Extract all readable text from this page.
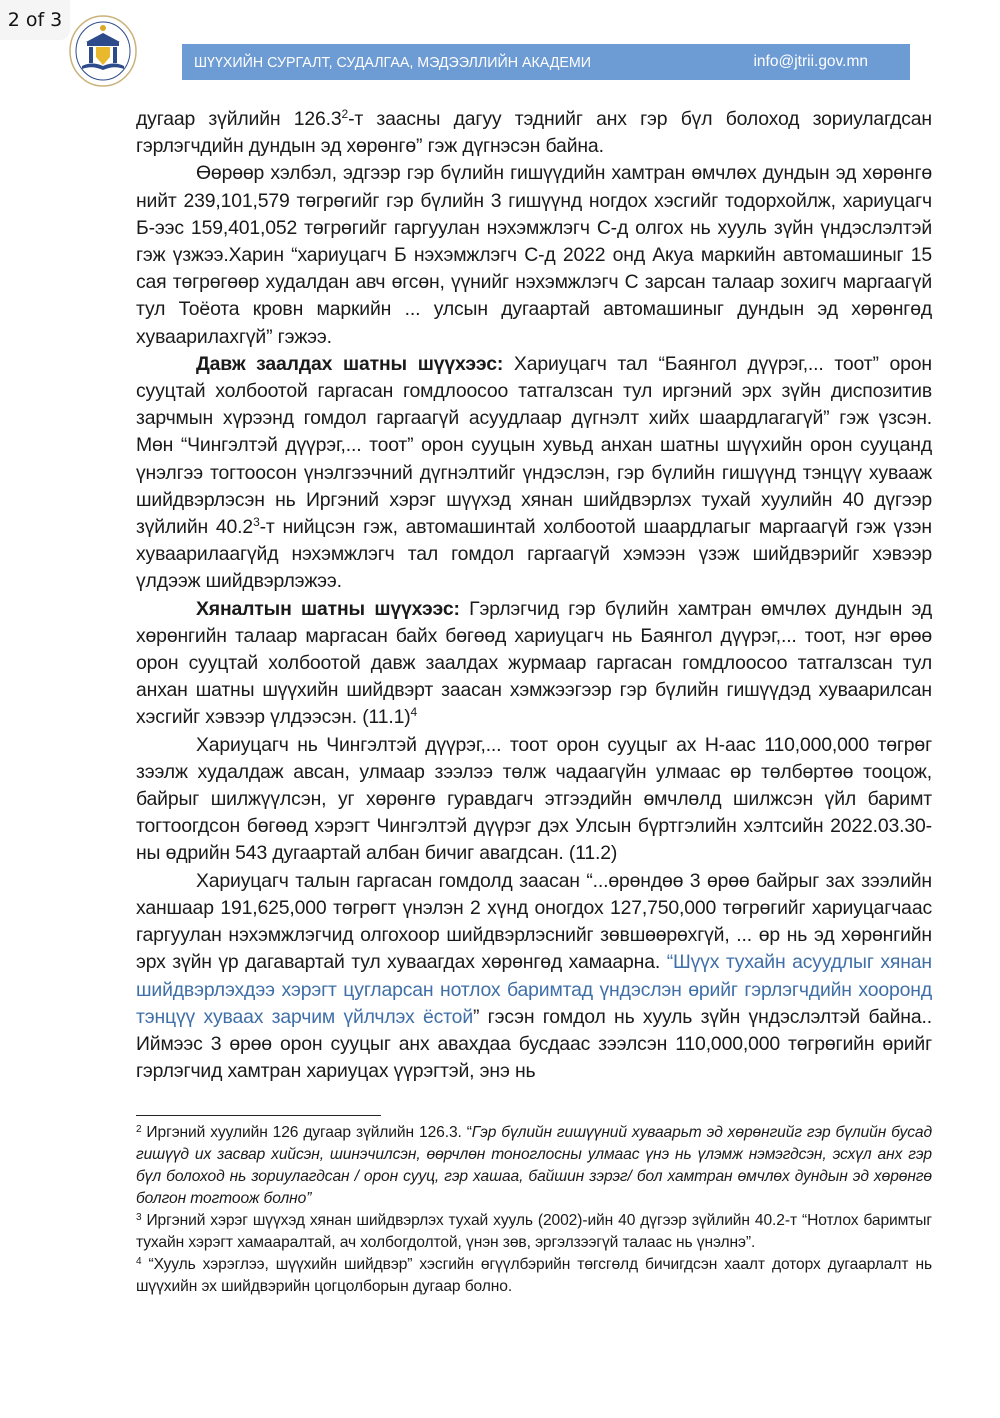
2 of 3
ШҮҮХИЙН СУРГАЛТ, СУДАЛГАА, МЭДЭЭЛЛИЙН АКАДЕМИ	info@jtrii.gov.mn

дугаар зүйлийн 126.3$^2$-т заасны дагуу тэднийг анх гэр бүл болоход зориулагдсан гэрлэгчдийн дундын эд хөрөнгө” гэж дүгнэсэн байна.

Өөрөөр хэлбэл, эдгээр гэр бүлийн гишүүдийн хамтран өмчлөх дундын эд хөрөнгө нийт 239,101,579 төгрөгийг гэр бүлийн 3 гишүүнд ногдох хэсгийг тодорхойлж, хариуцагч Б-ээс 159,401,052 төгрөгийг гаргуулан нэхэмжлэгч С-д олгох нь хууль зүйн үндэслэлтэй гэж үзжээ.Харин “хариуцагч Б нэхэмжлэгч С-д 2022 онд Акуа маркийн автомашиныг 15 сая төгрөгөөр худалдан авч өгсөн, үүнийг нэхэмжлэгч С зарсан талаар зохигч маргаагүй тул Тоёота кровн маркийн ... улсын дугаартай автомашиныг дундын эд хөрөнгөд хуваарилахгүй” гэжээ.

Давж заалдах шатны шүүхээс: Хариуцагч тал “Баянгол дүүрэг,... тоот” орон сууцтай холбоотой гаргасан гомдлоосоо татгалзсан тул иргэний эрх зүйн диспозитив зарчмын хүрээнд гомдол гаргаагүй асуудлаар дүгнэлт хийх шаардлагагүй” гэж үзсэн. Мөн “Чингэлтэй дүүрэг,... тоот” орон сууцын хувьд анхан шатны шүүхийн орон сууцанд үнэлгээ тогтоосон үнэлгээчний дүгнэлтийг үндэслэн, гэр бүлийн гишүүнд тэнцүү хувааж шийдвэрлэсэн нь Иргэний хэрэг шүүхэд хянан шийдвэрлэх тухай хуулийн 40 дүгээр зүйлийн 40.2$^3$-т нийцсэн гэж, автомашинтай холбоотой шаардлагыг маргаагүй гэж үзэн хуваарилаагүйд нэхэмжлэгч тал гомдол гаргаагүй хэмээн үзэж шийдвэрийг хэвээр үлдээж шийдвэрлэжээ.

Хяналтын шатны шүүхээс: Гэрлэгчид гэр бүлийн хамтран өмчлөх дундын эд хөрөнгийн талаар маргасан байх бөгөөд хариуцагч нь Баянгол дүүрэг,... тоот, нэг өрөө орон сууцтай холбоотой давж заалдах журмаар гаргасан гомдлоосоо татгалзсан тул анхан шатны шүүхийн шийдвэрт заасан хэмжээгээр гэр бүлийн гишүүдэд хуваарилсан хэсгийг хэвээр үлдээсэн. $(11.1)^4$

Хариуцагч нь Чингэлтэй дүүрэг,... тоот орон сууцыг ах Н-аас 110,000,000 төгрөг зээлж худалдаж авсан, улмаар зээлээ төлж чадаагүйн улмаас өр төлбөртөө тооцож, байрыг шилжүүлсэн, уг хөрөнгө гуравдагч этгээдийн өмчлөлд шилжсэн үйл баримт тогтоогдсон бөгөөд хэрэгт Чингэлтэй дүүрэг дэх Улсын бүртгэлийн хэлтсийн 2022.03.30-ны өдрийн 543 дугаартай албан бичиг авагдсан. (11.2)

Хариуцагч талын гаргасан гомдолд заасан “...өрөндөө 3 өрөө байрыг зах зээлийн ханшаар 191,625,000 төгрөгт үнэлэн 2 хүнд оногдох 127,750,000 төгрөгийг хариуцагчаас гаргуулан нэхэмжлэгчид олгохоор шийдвэрлэснийг зөвшөөрөхгүй, ... өр нь эд хөрөнгийн эрх зүйн үр дагавартай тул хуваагдах хөрөнгөд хамаарна. “Шүүх тухайн асуудлыг хянан шийдвэрлэхдээ хэрэгт цугларсан нотлох баримтад үндэслэн өрийг гэрлэгчдийн хооронд тэнцүү хуваах зарчим үйлчлэх ёстой” гэсэн гомдол нь хууль зүйн үндэслэлтэй байна.. Иймээс 3 өрөө орон сууцыг анх авахдаа бусдаас зээлсэн 110,000,000 төгрөгийн өрийг гэрлэгчид хамтран хариуцах үүрэгтэй, энэ нь

$^2$ Иргэний хуулийн 126 дугаар зүйлийн 126.3. “Гэр бүлийн гишүүний хуваарьт эд хөрөнгийг гэр бүлийн бусад гишүүд их засвар хийсэн, шинэчилсэн, өөрчлөн тоноглосны улмаас үнэ нь үлэмж нэмэгдсэн, эсхүл анх гэр бүл болоход нь зориулагдсан / орон сууц, гэр хашаа, байшин зэрэг/ бол хамтран өмчлөх дундын эд хөрөнгө болгон тогтоож болно”

$^3$ Иргэний хэрэг шүүхэд хянан шийдвэрлэх тухай хууль (2002)-ийн 40 дүгээр зүйлийн 40.2-т “Нотлох баримтыг тухайн хэрэгт хамааралтай, ач холбогдолтой, үнэн зөв, эргэлзээгүй талаас нь үнэлнэ”.

$^4$ “Хууль хэрэглээ, шүүхийн шийдвэр” хэсгийн өгүүлбэрийн төгсгөлд бичигдсэн хаалт доторх дугаарлалт нь шүүхийн эх шийдвэрийн цогцолборын дугаар болно.
